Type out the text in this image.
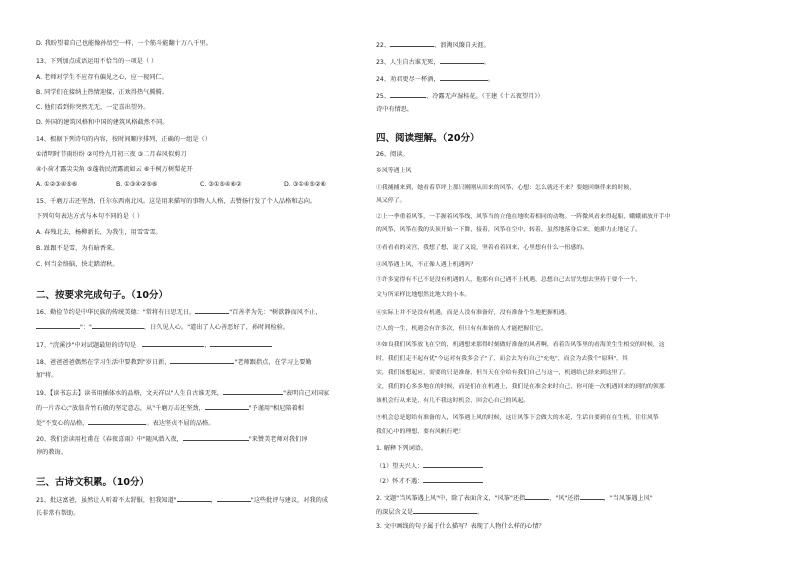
D. 我盼望着自己也能像孙悟空一样，一个筋斗能翻十万八千里。
13、下列加点成语运用不恰当的一项是（ ）
A. 老师对学生不应存有偏见之心，应一视同仁。
B. 同学们在接纳上热情迎接，正欢得热气腾腾。
C. 他们看到你突然无无，一定喜出望外。
D. 外国的建筑风格和中国的建筑风格截然不同。
14、根据下列诗句的内容，按时间顺序排列，正确的一组是（）
①清明时节雨纷纷 ②可怜九月初三夜 ③二月春风似剪刀
④小荷才露尖尖角 ⑤蓬勃民清露流如云 ⑥千树万树梨花开
A. ①②③④⑤⑥	B. ①③④②⑤⑥	C. ③①⑤④⑥②	D. ③①④⑤②⑥
15、千磨万击还坚劲，任尔东西南北风。这是用来描写的事物人人格，去赞扬行发了个人品格和志向。
下列句句表达方式与本句不同的是（ ）
A. 春残北去，杨柳新长，为我生，用雪雪雪。
B. 趾跟不是雪，为有暗香来。
C. 何当金络脑，快走踏清秋。
二、按要求完成句子。（10分）
16、勤俭节约是中华民族的传统美德："常将有日思无日，	"百善孝为先："树欲静而风不止，
"："	，日久见人心。"道出了人心善恶好了，孙时间检验。
17、"浣溪沙"中对试题最短的诗句是	，
18、爸爸爸爸偶然在学习生活中要教到"岁日新，	"老师跟指点，在学习上要勤
加"将。
19、【读书忘去】读书用插体水的品格，文天祥以"人生自古谁无死，	"表明自己对国家
的一片赤心;"放翁肯竹石般的坚定意志，从"千磨万击还坚劲，	"予谨用"相尼陪着相
处"不变心的品格，	。表达坚贞不屈的品格。
20、我们尝读用杜甫在《春夜喜雨》中"随风潜入夜，	"来赞美老师对我们谆
谆的教诲。
三、古诗文积累。（10分）
21、批这富爸，虽然让人听着不太舒服，但我知道"	，	"这些批评与建议，对我的成
长非常有帮助。
22、	，浪淘风簸自天涯。
23、人生自古谁无死，	。
24、劝君更尽一杯酒，	。
25、	，冷露无声湿桂花。（王建《十五夜望月》）
诗中有情思，
四、阅读理解。（20分）
26、阅读。
乡风等遇上风
①我捕捕来到，她看着草坪上那只刚刚从田来的风筝，心想：怎么就还不来？要她回继伴来的时候，
风又停了。
②上一季重着风筝，一手握着风筝线，风筝当的立他在地吹着相同的动物。一阵微风看来得起船，蛾蛾裙放开手中
的风筝，风筝在我的头顶开始一下舞，接着，风筝在空中，转着，虽然地落身后来，她抑力止地足了。
③看看看的灵宫，我想了想，说了又说，坚着看着回来，心里想有什么一扭感的。
④风筝遇上风，不正像人遇上机遇吗？
⑤许多觉得有不已不是没有机遇的人，他那有自己遇不上机遇，总想自己去冒失想去坚持于要个一个，
文与所采样比地想然比地大的小本。
⑥实际上并不是没有机遇，而是人没有准备好，没有准备个生地把握机遇。
⑦人的一生，机遇会有许多次，但只有有准备的人才能把握住它。
⑧如良我们风筝放飞在空的，机遇想来那得时刻做好准备的风者啊，看着告风筝里的看海美生生相交的时候，这
时，我们们走不起有优"今运对有我多会子"了，而会去为有自己"充电"，而会为去我个"原料"，其
实，我们该想起应，需要的只是准备，但当天在全给有我们自己与这一，机遇给已经来到这里了。
文，我们的心多多地在的时候，而是们在在机遇上，我们是在准会来时自己，你可能一次机遇回来的到的的领那
该机会行从来是，有几不我这时机会，回会心自己的风起。
⑨机会总是愿给有准备的人，风筝遇上风的时候，这让风筝下会做大的水花，生话自要到在在生机，往往风筝
我们心中的理想，要有风帆行吧！
1. 解释下列词语。
（1）望天兴人：
（2）怀才不遇：
2. 文题"当风筝遇上风"中，除了表面含义，"风筝"还指	，"风"还指	，"当风筝遇上风"
的深层含义是	。
3. 文中画线的句子属于什么描写？表现了人物什么样的心情？
